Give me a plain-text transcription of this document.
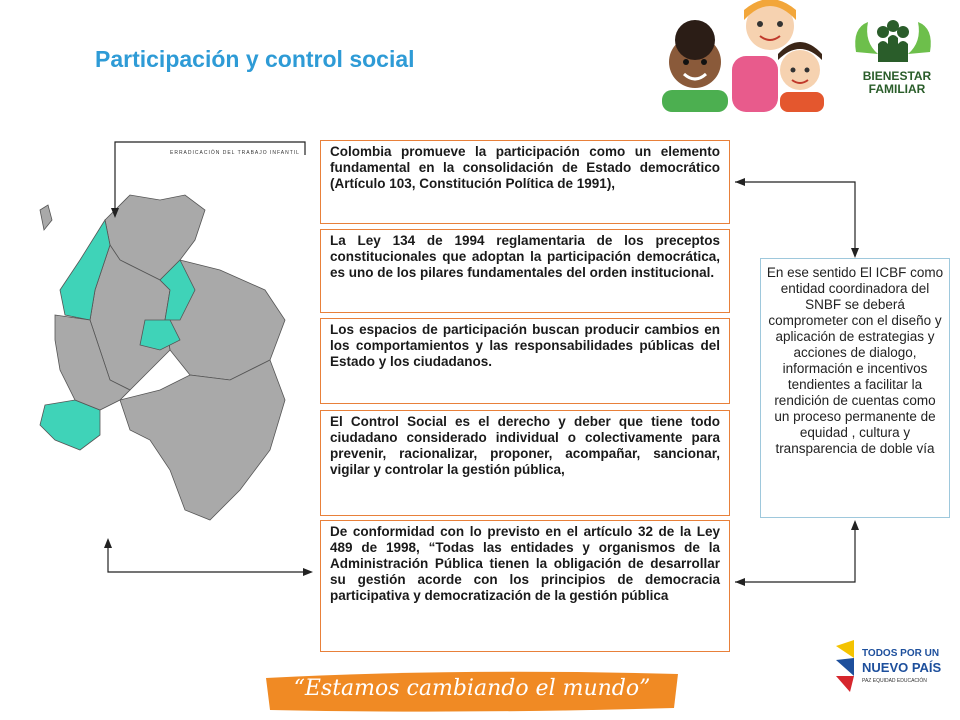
Participación y control social
BIENESTAR
FAMILIAR
ERRADICACIÓN DEL TRABAJO INFANTIL Colombia promueve la participación como un elemento fundamental en la consolidación de Estado democrático (Artículo 103, Constitución Política de 1991),

La Ley 134 de 1994 reglamentaria de los preceptos constitucionales que adoptan la participación democrática, es uno de los pilares fundamentales del orden institucional.

Los espacios de participación buscan producir cambios en los comportamientos y las responsabilidades públicas del Estado y los ciudadanos.

El Control Social es el derecho y deber que tiene todo ciudadano considerado individual o colectivamente para prevenir, racionalizar, proponer, acompañar, sancionar, vigilar y controlar la gestión pública,

De conformidad con lo previsto en el artículo 32 de la Ley 489 de 1998, “Todas las entidades y organismos de la Administración Pública tienen la obligación de desarrollar su gestión acorde con los principios de democracia participativa y democratización de la gestión pública

En ese sentido El ICBF como entidad coordinadora del SNBF se deberá comprometer con el diseño y aplicación de estrategias y acciones de dialogo, información e incentivos tendientes a facilitar la rendición de cuentas como un proceso permanente de equidad , cultura y transparencia de doble vía
TODOS POR UN
NUEVO PAÍS
PAZ EQUIDAD EDUCACIÓN
“Estamos cambiando el mundo”
